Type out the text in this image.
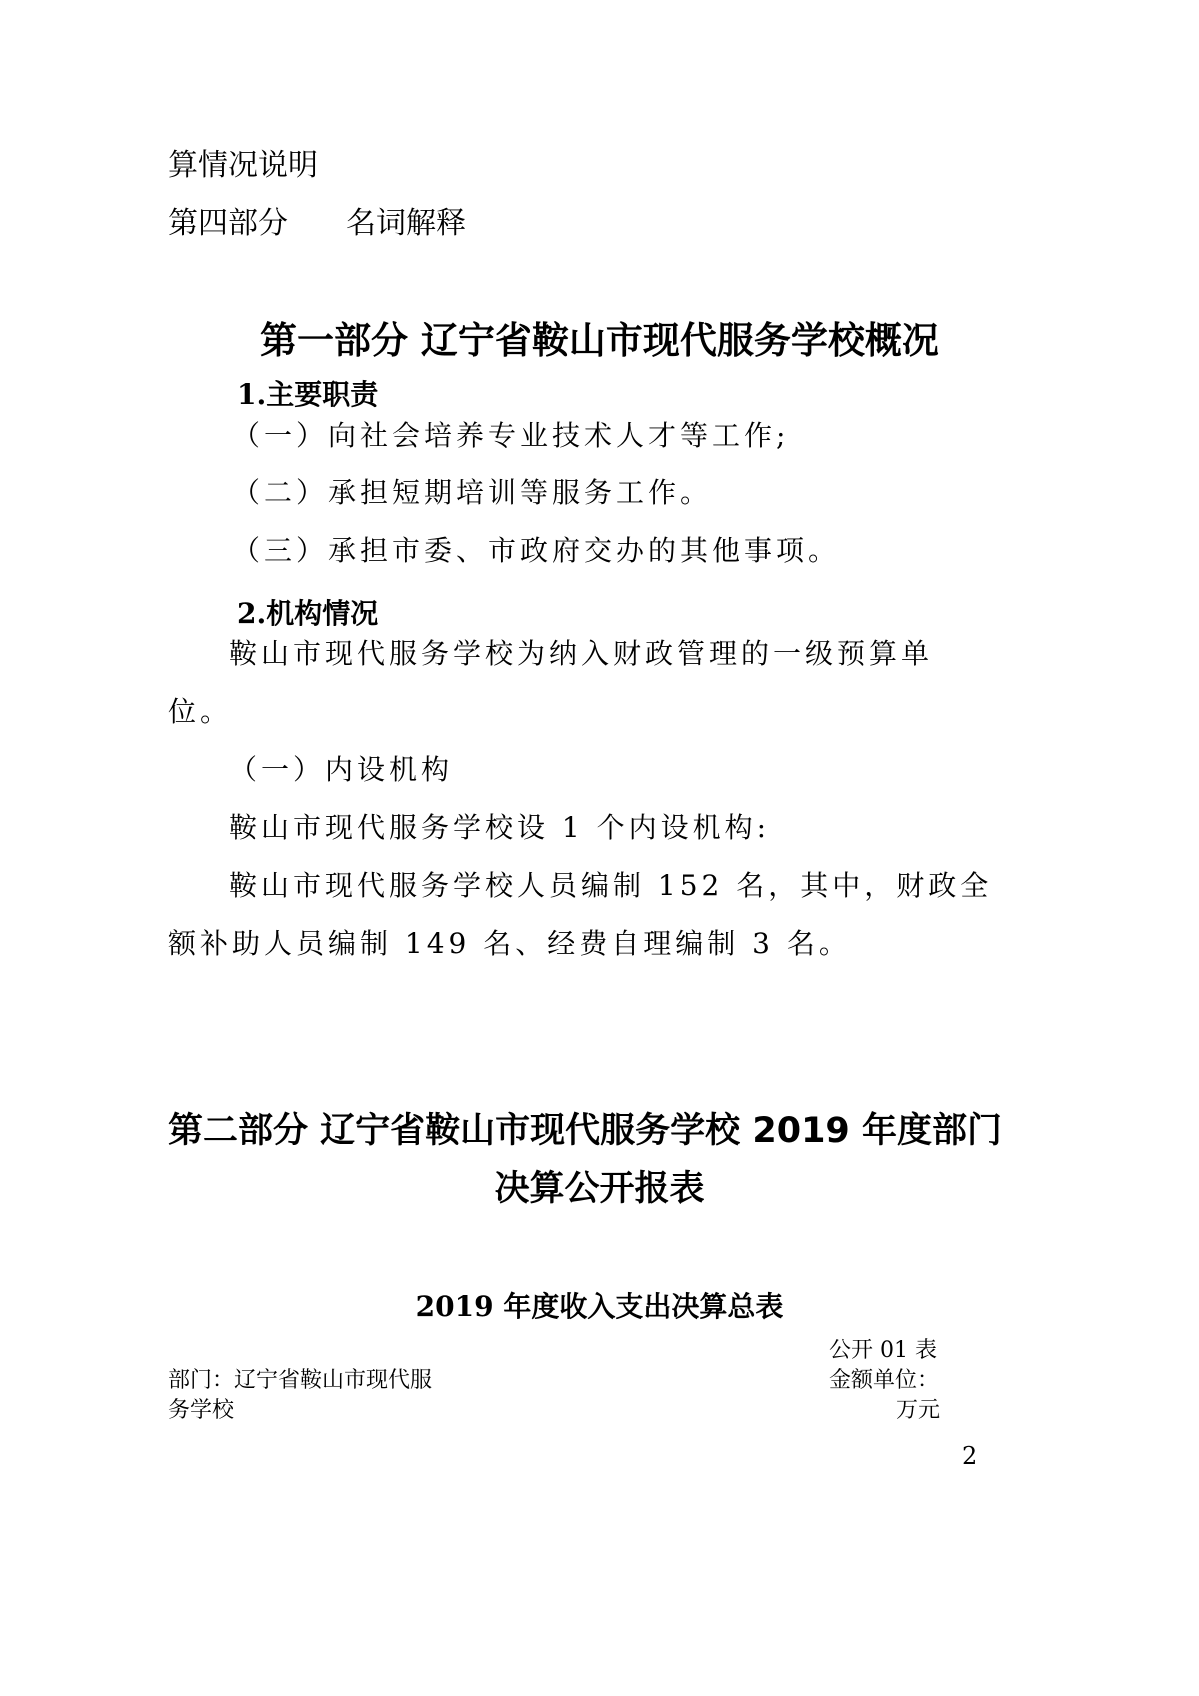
算情况说明
第四部分 名词解释
第一部分 辽宁省鞍山市现代服务学校概况
1.主要职责
（一）向社会培养专业技术人才等工作;
（二）承担短期培训等服务工作。
（三）承担市委、市政府交办的其他事项。
2.机构情况
鞍山市现代服务学校为纳入财政管理的一级预算单
位。
（一）内设机构
鞍山市现代服务学校设 1 个内设机构:
鞍山市现代服务学校人员编制 152 名，其中，财政全
额补助人员编制 149 名、经费自理编制 3 名。
第二部分 辽宁省鞍山市现代服务学校 2019 年度部门
决算公开报表
2019 年度收入支出决算总表
公开 01 表
部门：辽宁省鞍山市现代服	金额单位：
务学校	万元
2
